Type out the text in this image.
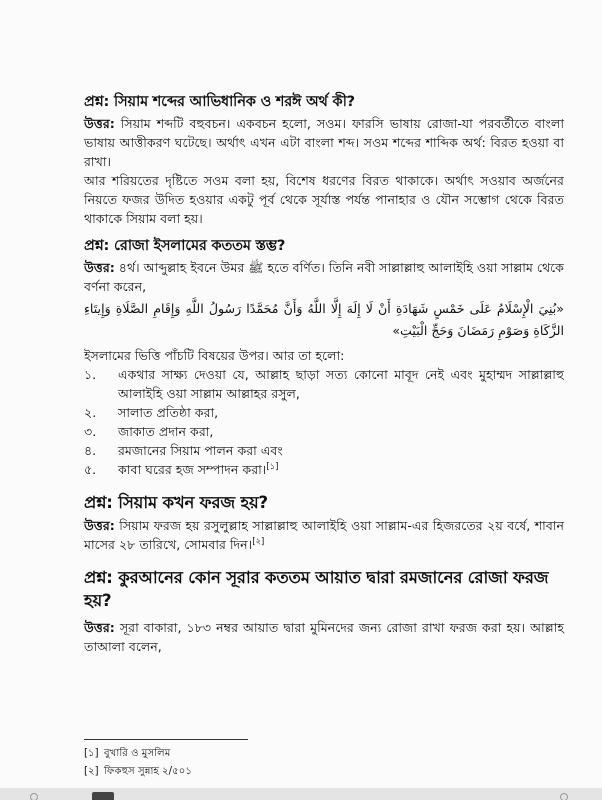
প্রশ্ন: সিয়াম শব্দের আভিধানিক ও শরঈ অর্থ কী?

উত্তর: সিয়াম শব্দটি বহুবচন। একবচন হলো, সওম। ফারসি ভাষায় রোজা-যা পরবর্তীতে বাংলা ভাষায় আত্তীকরণ ঘটেছে। অর্থাৎ এখন এটা বাংলা শব্দ। সওম শব্দের শাব্দিক অর্থ: বিরত হওয়া বা রাখা।

আর শরিয়তের দৃষ্টিতে সওম বলা হয়, বিশেষ ধরণের বিরত থাকাকে। অর্থাৎ সওয়াব অর্জনের নিয়তে ফজর উদিত হওয়ার একটু পূর্ব থেকে সূর্যাস্ত পর্যন্ত পানাহার ও যৌন সম্ভোগ থেকে বিরত থাকাকে সিয়াম বলা হয়।

প্রশ্ন: রোজা ইসলামের কততম স্তম্ভ?

উত্তর: ৪র্থ। আব্দুল্লাহ ইবনে উমর ﷺ হতে বর্ণিত। তিনি নবী সাল্লাল্লাহু আলাইহি ওয়া সাল্লাম থেকে বর্ণনা করেন,

«بُنِيَ الْإِسْلَامُ عَلَى خَمْسٍ شَهَادَةِ أَنْ لَا إِلَهَ إِلَّا اللَّهُ وَأَنَّ مُحَمَّدًا رَسُولُ اللَّهِ وَإِقَامِ الصَّلَاةِ وَإِيتَاءِ الزَّكَاةِ وَصَوْمِ رَمَضَانَ وَحَجِّ الْبَيْتِ»

ইসলামের ভিত্তি পাঁচটি বিষয়ের উপর। আর তা হলো:

১.	একথার সাক্ষ্য দেওয়া যে, আল্লাহ ছাড়া সত্য কোনো মাবূদ নেই এবং মুহাম্মদ সাল্লাল্লাহু আলাইহি ওয়া সাল্লাম আল্লাহর রসুল,
২.	সালাত প্রতিষ্ঠা করা,
৩.	জাকাত প্রদান করা,
৪.	রমজানের সিয়াম পালন করা এবং
৫.	কাবা ঘরের হজ সম্পাদন করা।[১]
প্রশ্ন: সিয়াম কখন ফরজ হয়?

উত্তর: সিয়াম ফরজ হয় রসুলুল্লাহ সাল্লাল্লাহু আলাইহি ওয়া সাল্লাম-এর হিজরতের ২য় বর্ষে, শাবান মাসের ২৮ তারিখে, সোমবার দিন।[২]

প্রশ্ন: কুরআনের কোন সূরার কততম আয়াত দ্বারা রমজানের রোজা ফরজ হয়?

উত্তর: সূরা বাকারা, ১৮৩ নম্বর আয়াত দ্বারা মুমিনদের জন্য রোজা রাখা ফরজ করা হয়। আল্লাহ তাআলা বলেন,

[১] বুখারি ও মুসলিম
[২] ফিকহুস সুন্নাহ ২/৫০১
